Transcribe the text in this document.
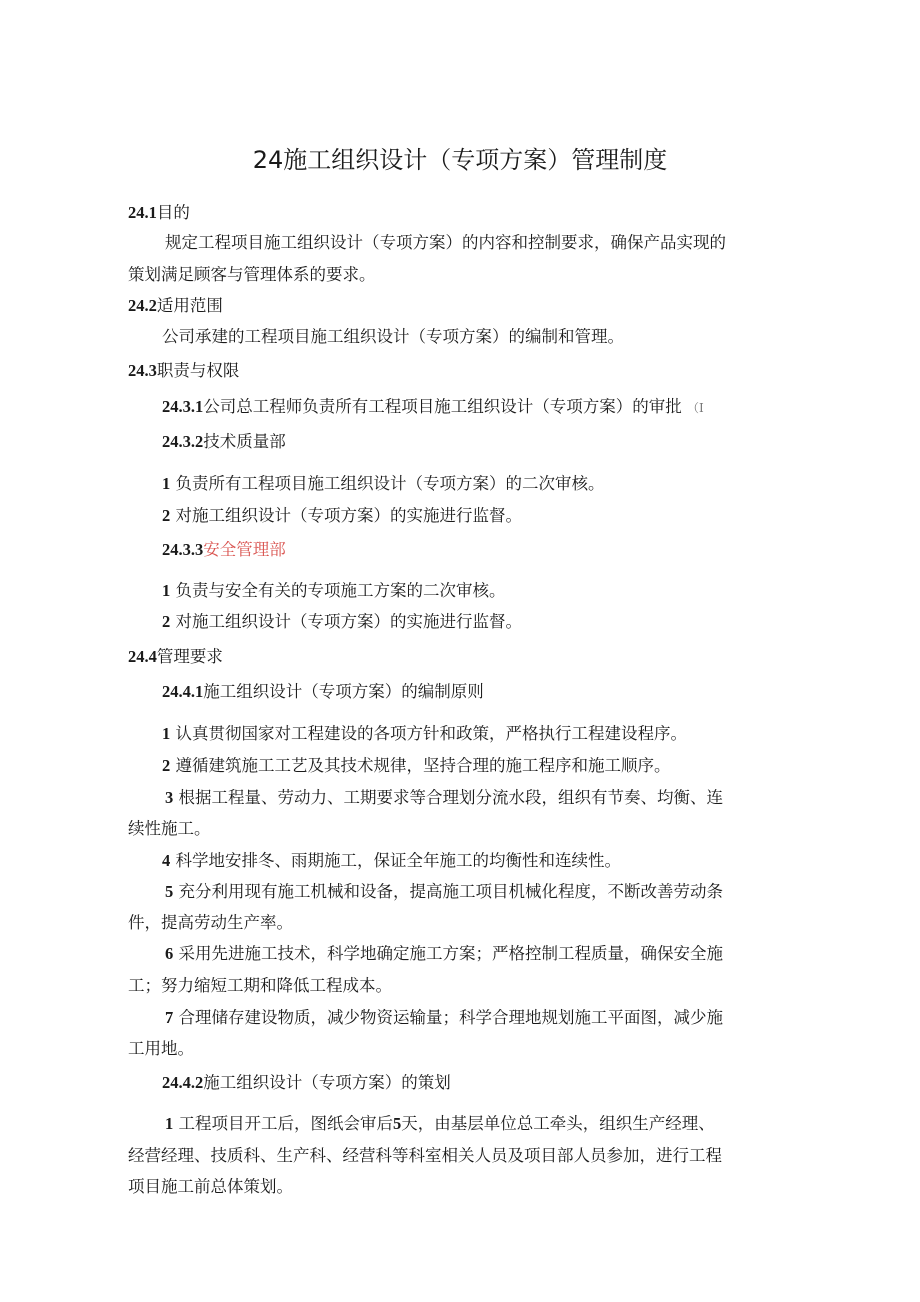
24施工组织设计（专项方案）管理制度
24.1目的
规定工程项目施工组织设计（专项方案）的内容和控制要求，确保产品实现的
策划满足顾客与管理体系的要求。
24.2适用范围
公司承建的工程项目施工组织设计（专项方案）的编制和管理。
24.3职责与权限
24.3.1公司总工程师负责所有工程项目施工组织设计（专项方案）的审批 （I
24.3.2技术质量部
1 负责所有工程项目施工组织设计（专项方案）的二次审核。
2 对施工组织设计（专项方案）的实施进行监督。
24.3.3安全管理部
1 负责与安全有关的专项施工方案的二次审核。
2 对施工组织设计（专项方案）的实施进行监督。
24.4管理要求
24.4.1施工组织设计（专项方案）的编制原则
1 认真贯彻国家对工程建设的各项方针和政策，严格执行工程建设程序。
2 遵循建筑施工工艺及其技术规律，坚持合理的施工程序和施工顺序。
3 根据工程量、劳动力、工期要求等合理划分流水段，组织有节奏、均衡、连
续性施工。
4 科学地安排冬、雨期施工，保证全年施工的均衡性和连续性。
5 充分利用现有施工机械和设备，提高施工项目机械化程度，不断改善劳动条
件，提高劳动生产率。
6 采用先进施工技术，科学地确定施工方案；严格控制工程质量，确保安全施
工；努力缩短工期和降低工程成本。
7 合理储存建设物质，减少物资运输量；科学合理地规划施工平面图，减少施
工用地。
24.4.2施工组织设计（专项方案）的策划
1 工程项目开工后，图纸会审后5天，由基层单位总工牵头，组织生产经理、
经营经理、技质科、生产科、经营科等科室相关人员及项目部人员参加，进行工程
项目施工前总体策划。
